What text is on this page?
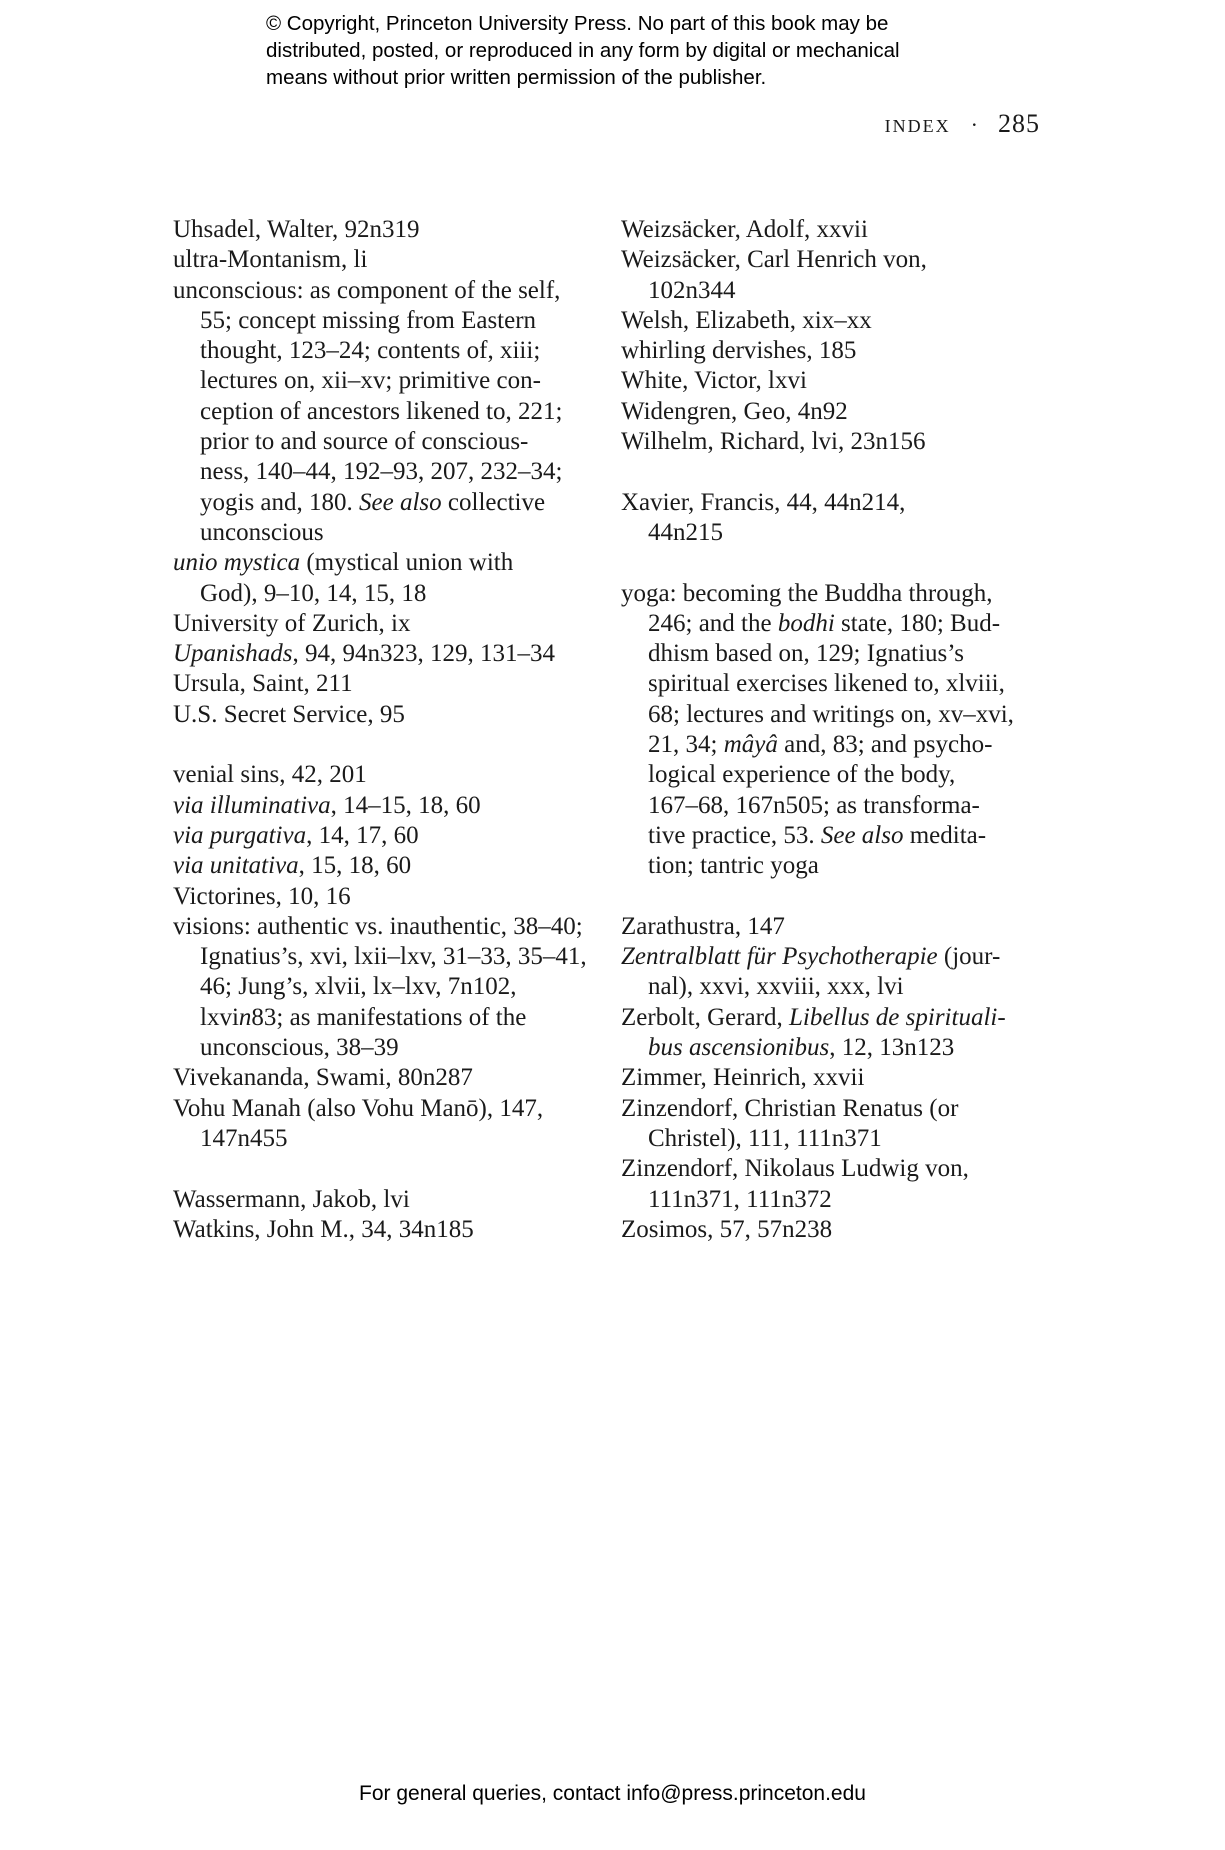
© Copyright, Princeton University Press. No part of this book may be
distributed, posted, or reproduced in any form by digital or mechanical
means without prior written permission of the publisher.
INDEX · 285
Uhsadel, Walter, 92n319
ultra-Montanism, li
unconscious: as component of the self,
55; concept missing from Eastern
thought, 123–24; contents of, xiii;
lectures on, xii–xv; primitive con-
ception of ancestors likened to, 221;
prior to and source of conscious-
ness, 140–44, 192–93, 207, 232–34;
yogis and, 180. See also collective
unconscious
unio mystica (mystical union with
God), 9–10, 14, 15, 18
University of Zurich, ix
Upanishads, 94, 94n323, 129, 131–34
Ursula, Saint, 211
U.S. Secret Service, 95
venial sins, 42, 201
via illuminativa, 14–15, 18, 60
via purgativa, 14, 17, 60
via unitativa, 15, 18, 60
Victorines, 10, 16
visions: authentic vs. inauthentic, 38–40;
Ignatius’s, xvi, lxii–lxv, 31–33, 35–41,
46; Jung’s, xlvii, lx–lxv, 7n102,
lxvin83; as manifestations of the
unconscious, 38–39
Vivekananda, Swami, 80n287
Vohu Manah (also Vohu Manō), 147,
147n455
Wassermann, Jakob, lvi
Watkins, John M., 34, 34n185
Weizsäcker, Adolf, xxvii
Weizsäcker, Carl Henrich von,
102n344
Welsh, Elizabeth, xix–xx
whirling dervishes, 185
White, Victor, lxvi
Widengren, Geo, 4n92
Wilhelm, Richard, lvi, 23n156
Xavier, Francis, 44, 44n214,
44n215
yoga: becoming the Buddha through,
246; and the bodhi state, 180; Bud-
dhism based on, 129; Ignatius’s
spiritual exercises likened to, xlviii,
68; lectures and writings on, xv–xvi,
21, 34; mâyâ and, 83; and psycho-
logical experience of the body,
167–68, 167n505; as transforma-
tive practice, 53. See also medita-
tion; tantric yoga
Zarathustra, 147
Zentralblatt für Psychotherapie (jour-
nal), xxvi, xxviii, xxx, lvi
Zerbolt, Gerard, Libellus de spirituali-
bus ascensionibus, 12, 13n123
Zimmer, Heinrich, xxvii
Zinzendorf, Christian Renatus (or
Christel), 111, 111n371
Zinzendorf, Nikolaus Ludwig von,
111n371, 111n372
Zosimos, 57, 57n238
For general queries, contact info@press.princeton.edu
